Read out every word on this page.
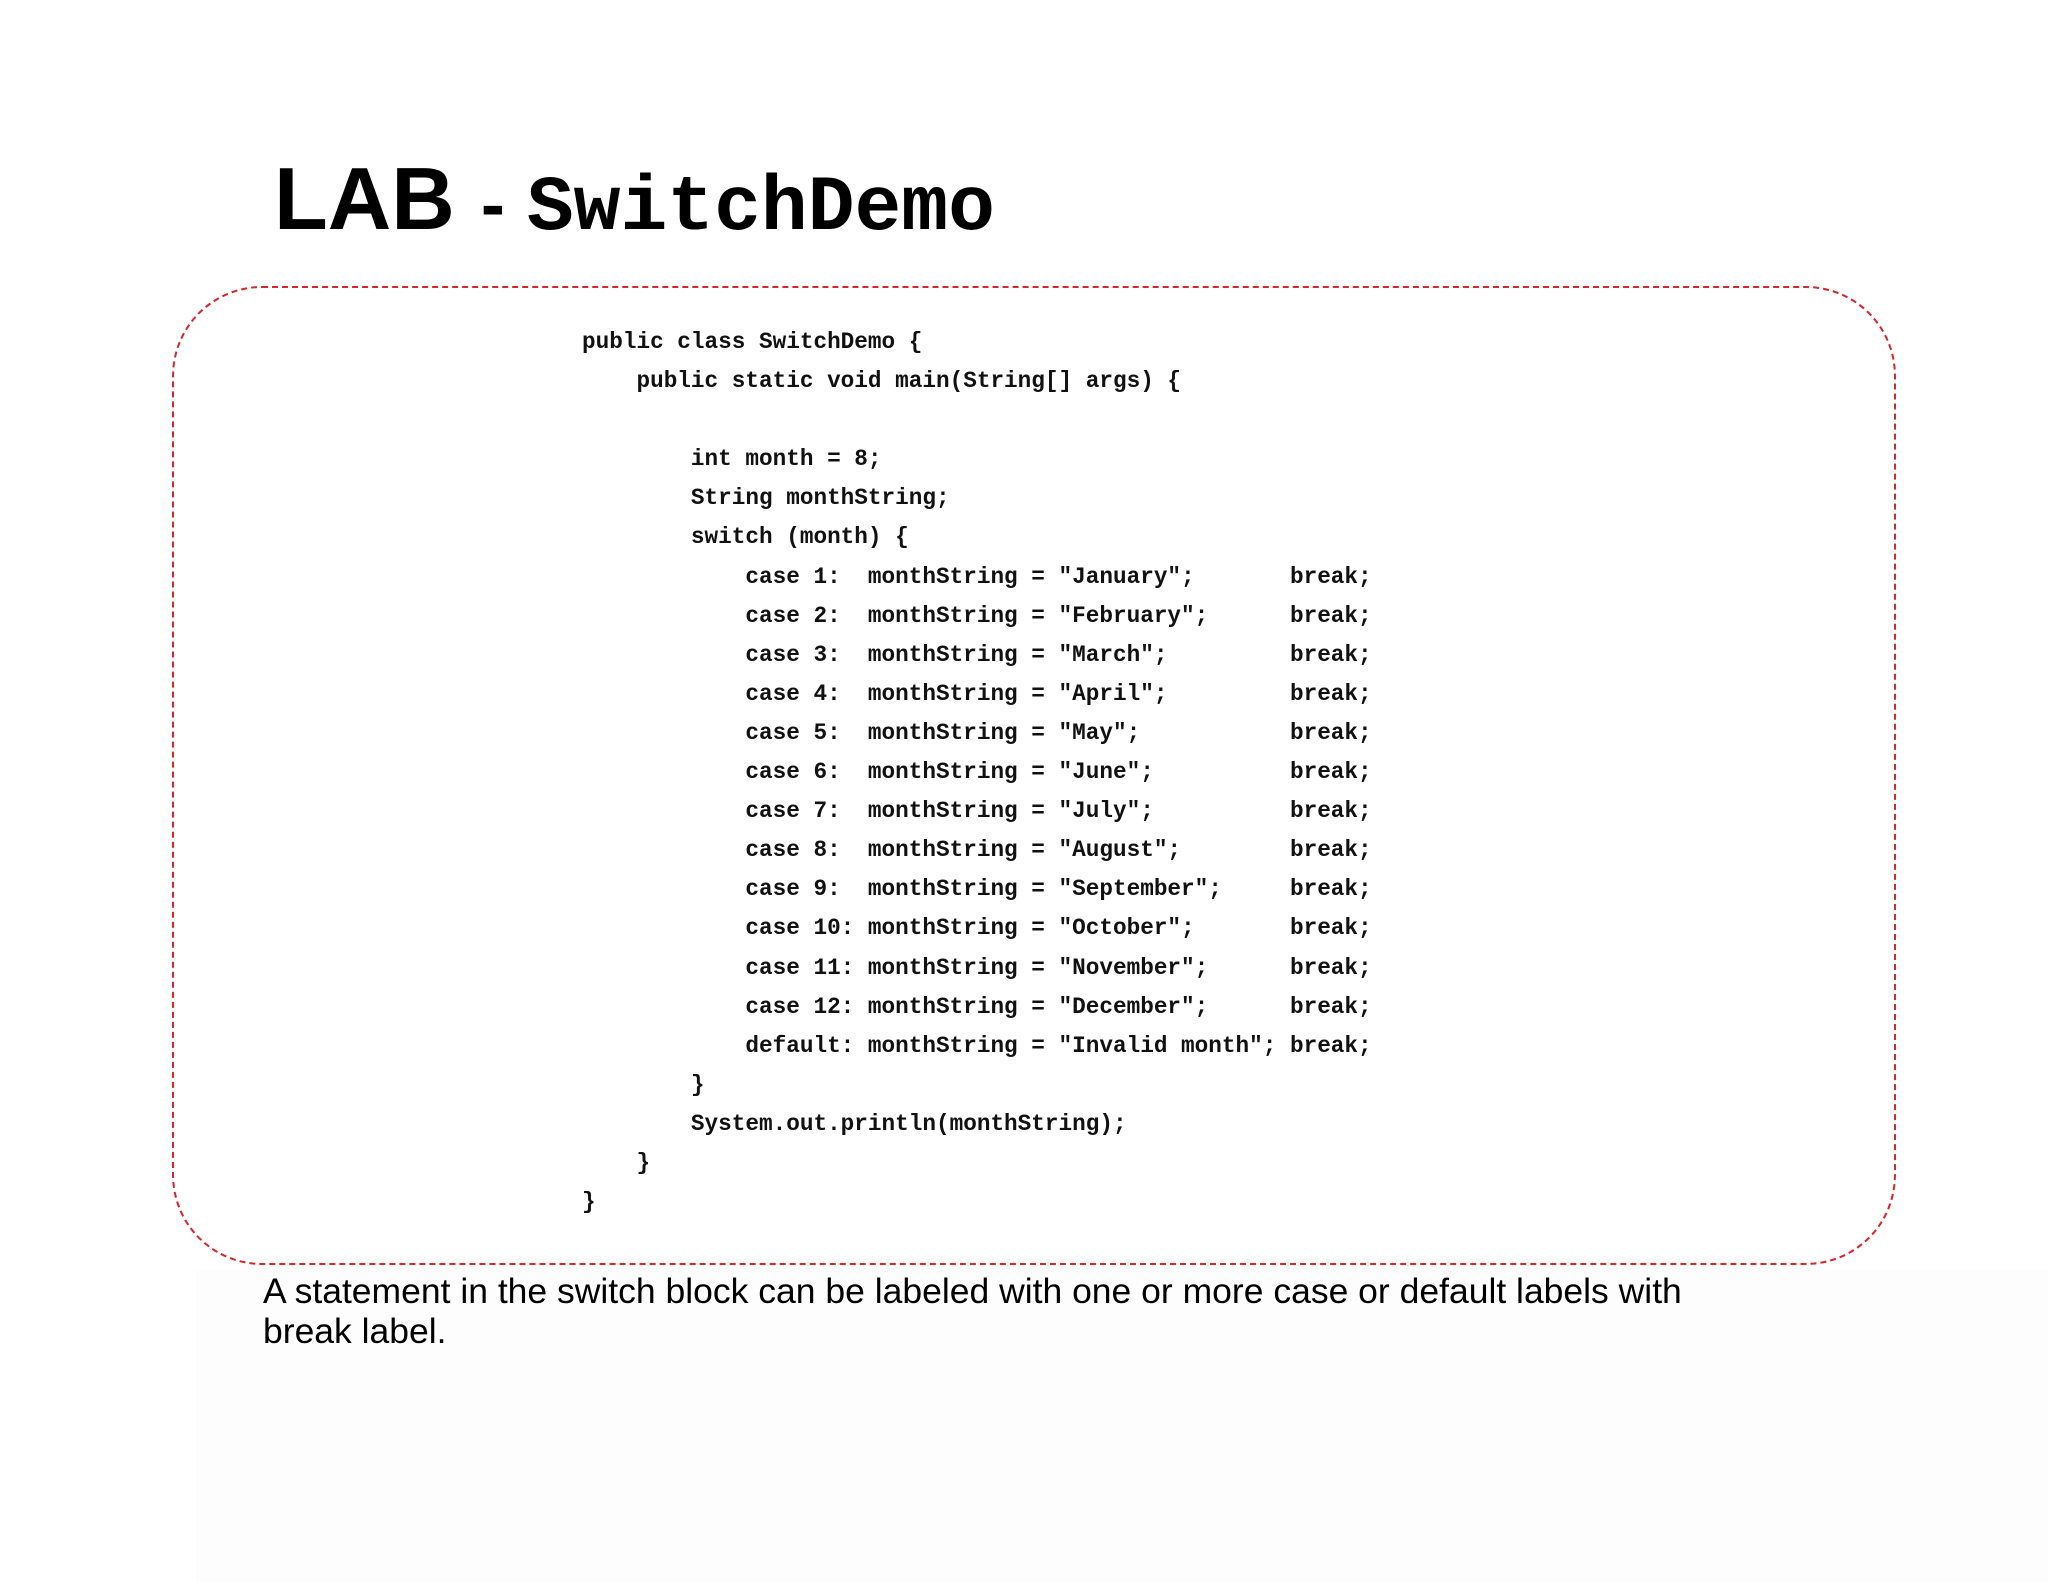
LAB - SwitchDemo
public class SwitchDemo {
public static void main(String[] args) {
int month = 8;
String monthString;
switch (month) {
case 1:  monthString = "January";       break;
case 2:  monthString = "February";      break;
case 3:  monthString = "March";         break;
case 4:  monthString = "April";         break;
case 5:  monthString = "May";           break;
case 6:  monthString = "June";          break;
case 7:  monthString = "July";          break;
case 8:  monthString = "August";        break;
case 9:  monthString = "September";     break;
case 10: monthString = "October";       break;
case 11: monthString = "November";      break;
case 12: monthString = "December";      break;
default: monthString = "Invalid month"; break;
}
System.out.println(monthString);
}
}

A statement in the switch block can be labeled with one or more case or default labels with break label.
